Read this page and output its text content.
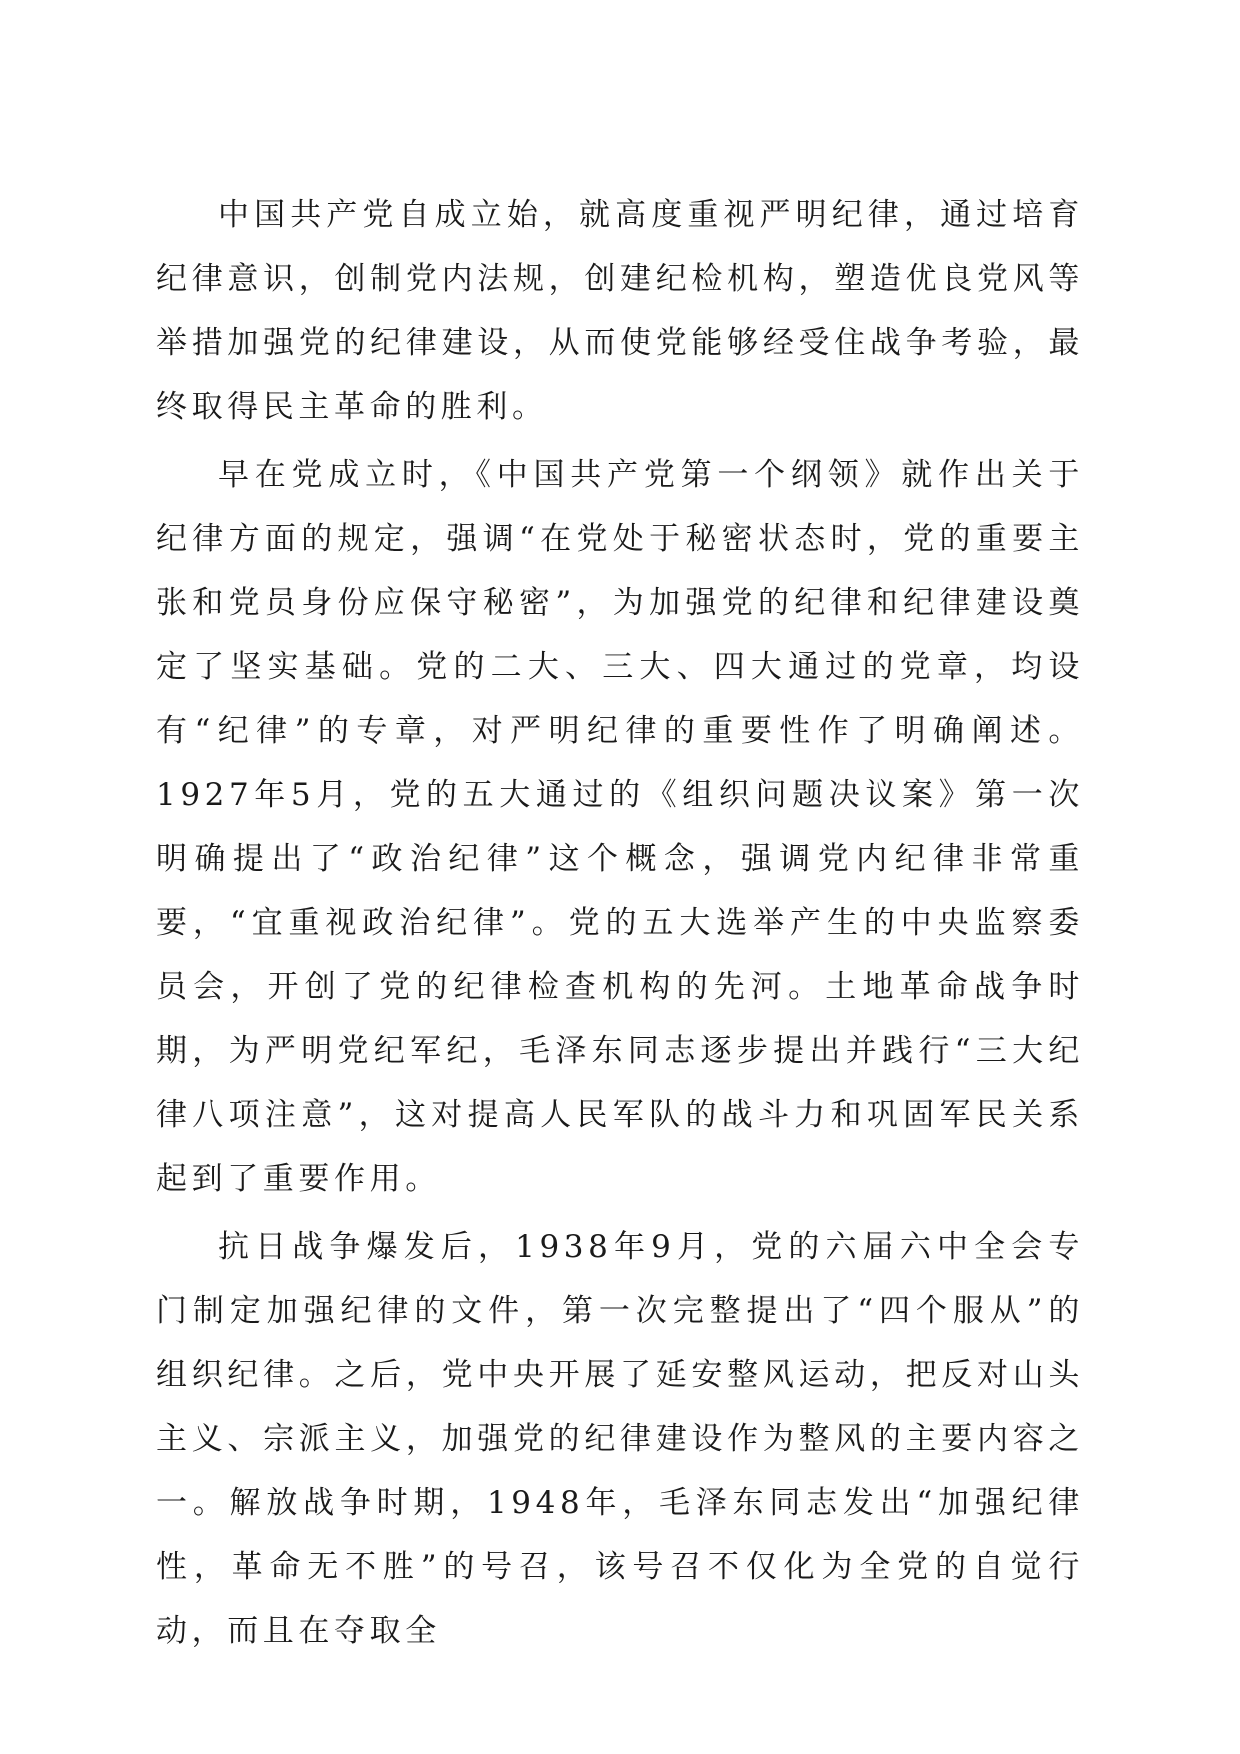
中国共产党自成立始，就高度重视严明纪律，通过培育纪律意识，创制党内法规，创建纪检机构，塑造优良党风等举措加强党的纪律建设，从而使党能够经受住战争考验，最终取得民主革命的胜利。

早在党成立时，《中国共产党第一个纲领》就作出关于纪律方面的规定，强调“在党处于秘密状态时，党的重要主张和党员身份应保守秘密”，为加强党的纪律和纪律建设奠定了坚实基础。党的二大、三大、四大通过的党章，均设有“纪律”的专章，对严明纪律的重要性作了明确阐述。1927年5月，党的五大通过的《组织问题决议案》第一次明确提出了“政治纪律”这个概念，强调党内纪律非常重要，“宜重视政治纪律”。党的五大选举产生的中央监察委员会，开创了党的纪律检查机构的先河。土地革命战争时期，为严明党纪军纪，毛泽东同志逐步提出并践行“三大纪律八项注意”，这对提高人民军队的战斗力和巩固军民关系起到了重要作用。

抗日战争爆发后，1938年9月，党的六届六中全会专门制定加强纪律的文件，第一次完整提出了“四个服从”的组织纪律。之后，党中央开展了延安整风运动，把反对山头主义、宗派主义，加强党的纪律建设作为整风的主要内容之一。解放战争时期，1948年，毛泽东同志发出“加强纪律性，革命无不胜”的号召，该号召不仅化为全党的自觉行动，而且在夺取全
